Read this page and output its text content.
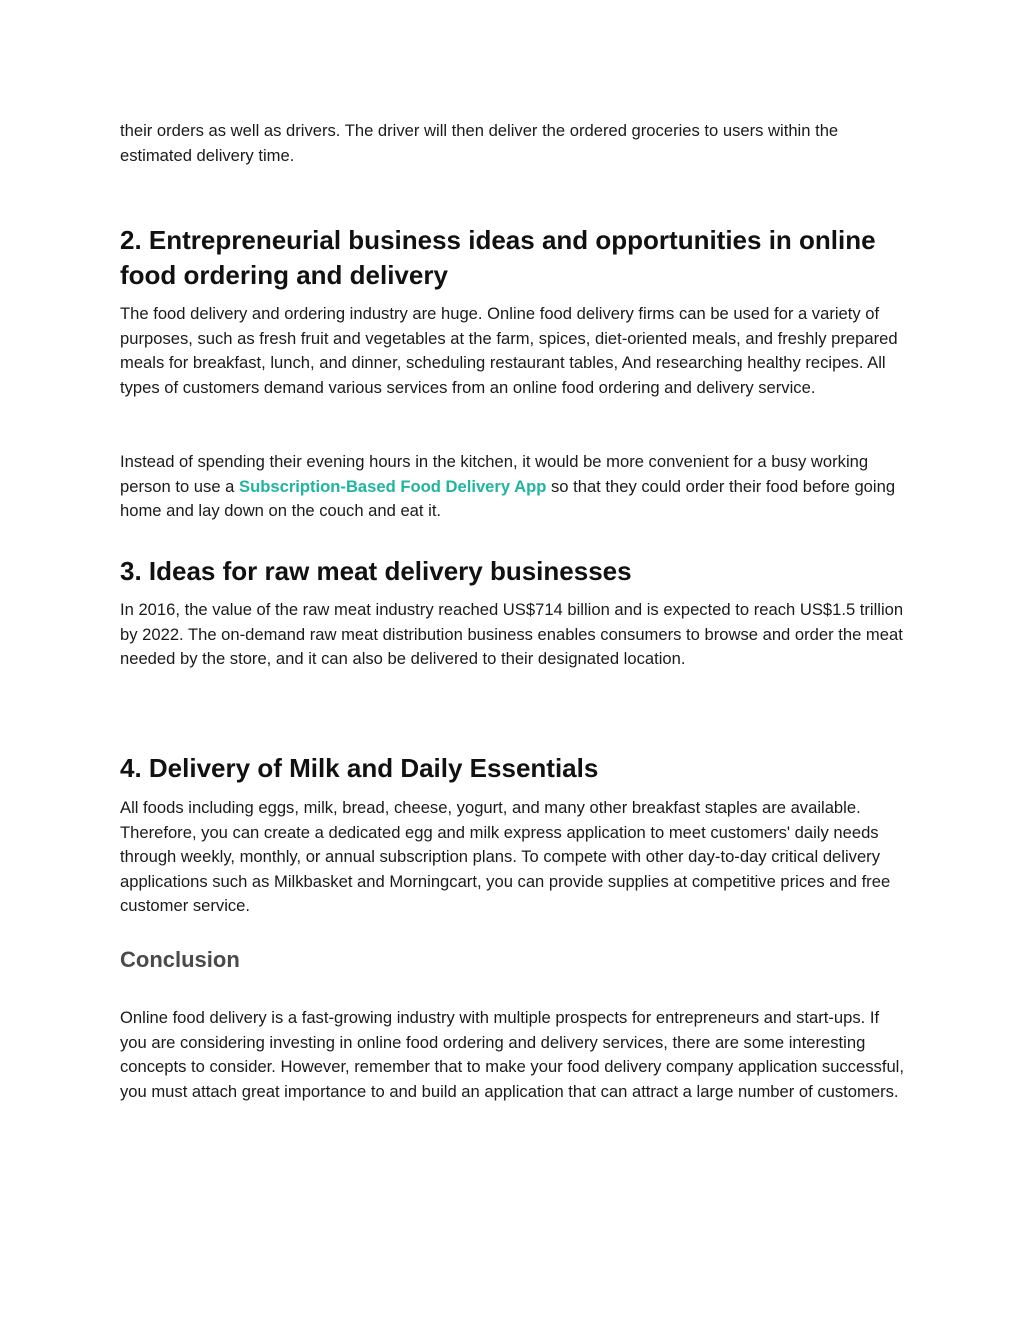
their orders as well as drivers. The driver will then deliver the ordered groceries to users within the estimated delivery time.

2. Entrepreneurial business ideas and opportunities in online food ordering and delivery

The food delivery and ordering industry are huge. Online food delivery firms can be used for a variety of purposes, such as fresh fruit and vegetables at the farm, spices, diet-oriented meals, and freshly prepared meals for breakfast, lunch, and dinner, scheduling restaurant tables, And researching healthy recipes. All types of customers demand various services from an online food ordering and delivery service.

Instead of spending their evening hours in the kitchen, it would be more convenient for a busy working person to use a Subscription-Based Food Delivery App so that they could order their food before going home and lay down on the couch and eat it.

3. Ideas for raw meat delivery businesses

In 2016, the value of the raw meat industry reached US$714 billion and is expected to reach US$1.5 trillion by 2022. The on-demand raw meat distribution business enables consumers to browse and order the meat needed by the store, and it can also be delivered to their designated location.

4. Delivery of Milk and Daily Essentials

All foods including eggs, milk, bread, cheese, yogurt, and many other breakfast staples are available. Therefore, you can create a dedicated egg and milk express application to meet customers' daily needs through weekly, monthly, or annual subscription plans. To compete with other day-to-day critical delivery applications such as Milkbasket and Morningcart, you can provide supplies at competitive prices and free customer service.

Conclusion

Online food delivery is a fast-growing industry with multiple prospects for entrepreneurs and start-ups. If you are considering investing in online food ordering and delivery services, there are some interesting concepts to consider. However, remember that to make your food delivery company application successful, you must attach great importance to and build an application that can attract a large number of customers.
